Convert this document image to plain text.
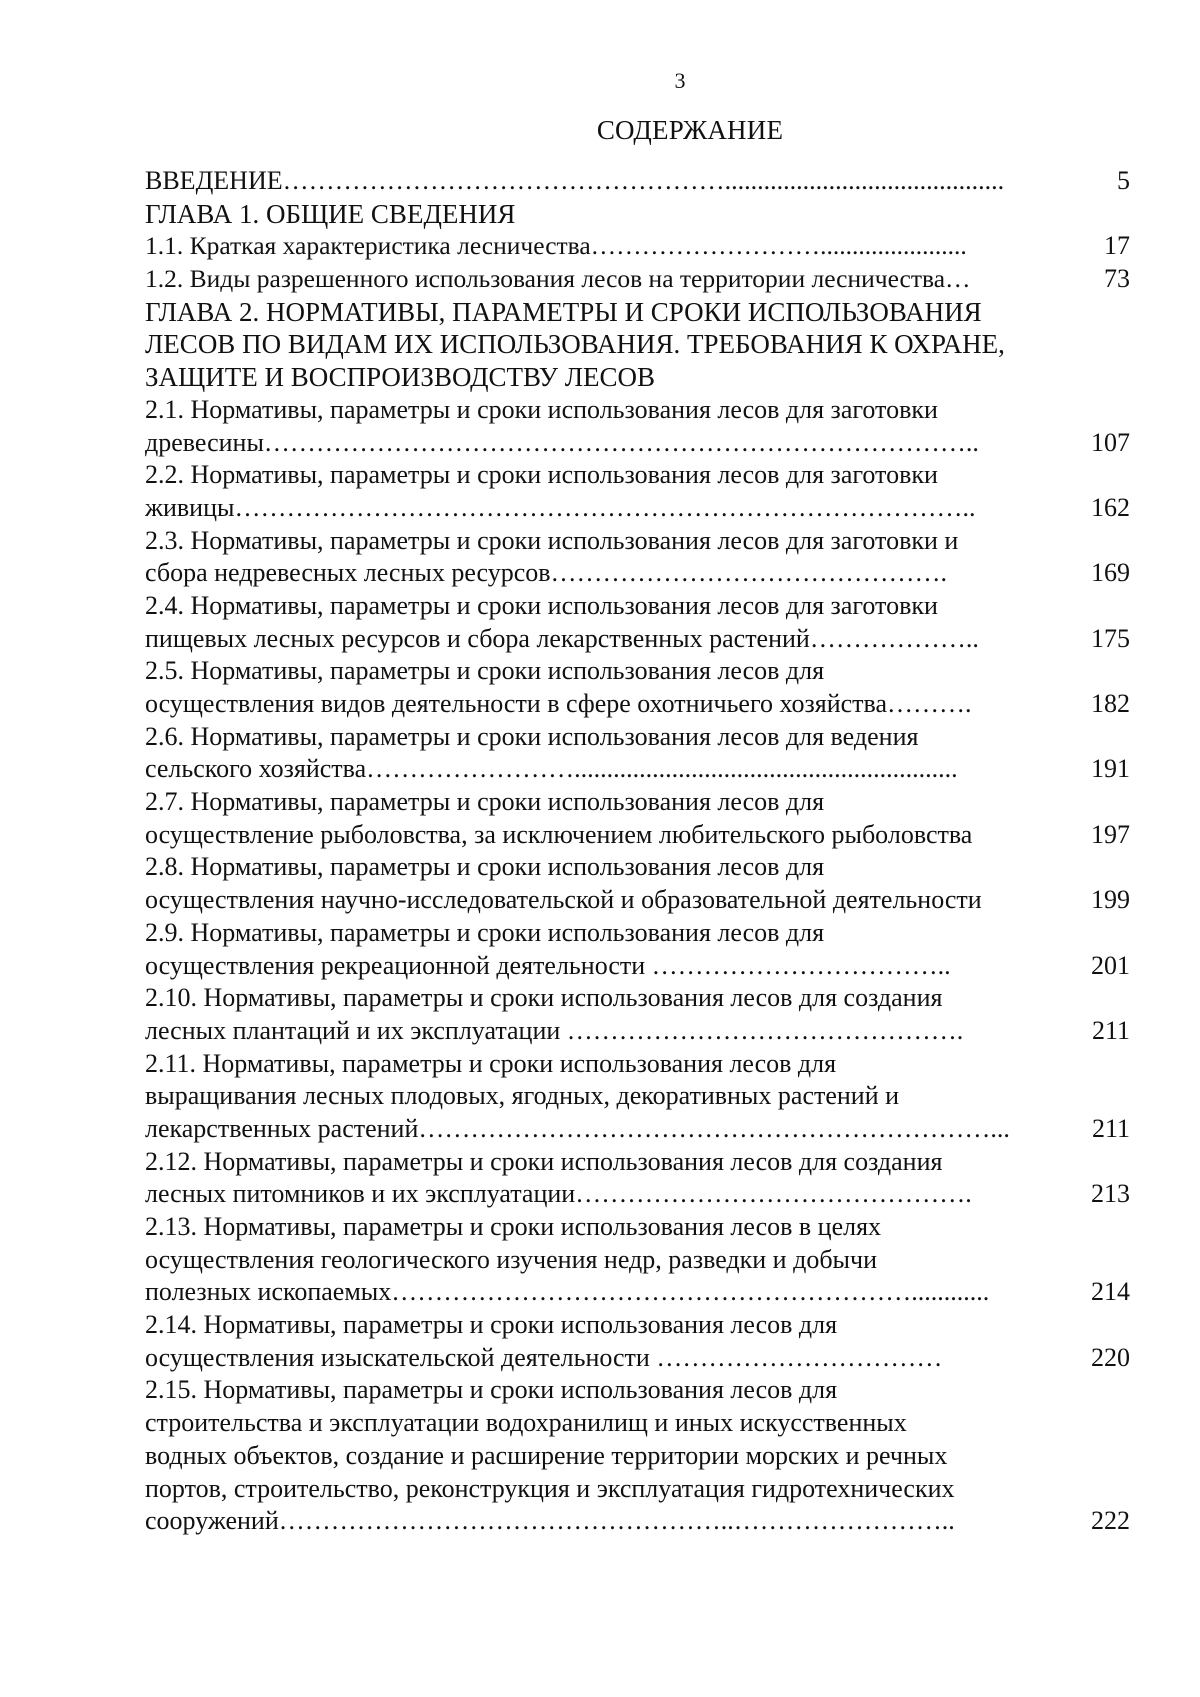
3
СОДЕРЖАНИЕ
ВВЕДЕНИЕ……………………………………………...........................................	5
ГЛАВА 1. ОБЩИЕ СВЕДЕНИЯ
1.1. Краткая характеристика лесничества……………………….......................	17
1.2. Виды разрешенного использования лесов на территории лесничества…	73
ГЛАВА 2. НОРМАТИВЫ, ПАРАМЕТРЫ И СРОКИ ИСПОЛЬЗОВАНИЯ
ЛЕСОВ ПО ВИДАМ ИХ ИСПОЛЬЗОВАНИЯ. ТРЕБОВАНИЯ К ОХРАНЕ,
ЗАЩИТЕ И ВОСПРОИЗВОДСТВУ ЛЕСОВ
2.1. Нормативы, параметры и сроки использования лесов для заготовки
древесины………………………………………………………………………..	107
2.2. Нормативы, параметры и сроки использования лесов для заготовки
живицы…………………………………………………………………………..	162
2.3. Нормативы, параметры и сроки использования лесов для заготовки и
сбора недревесных лесных ресурсов……………………………………….	169
2.4. Нормативы, параметры и сроки использования лесов для заготовки
пищевых лесных ресурсов и сбора лекарственных растений………………..	175
2.5. Нормативы, параметры и сроки использования лесов для
осуществления видов деятельности в сфере охотничьего хозяйства……….	182
2.6. Нормативы, параметры и сроки использования лесов для ведения
сельского хозяйства……………………...........................................................	191
2.7. Нормативы, параметры и сроки использования лесов для
осуществление рыболовства, за исключением любительского рыболовства	197
2.8. Нормативы, параметры и сроки использования лесов для
осуществления научно-исследовательской и образовательной деятельности	199
2.9. Нормативы, параметры и сроки использования лесов для
осуществления рекреационной деятельности ……………………………..	201
2.10. Нормативы, параметры и сроки использования лесов для создания
лесных плантаций и их эксплуатации ……………………………………….	211
2.11. Нормативы, параметры и сроки использования лесов для
выращивания лесных плодовых, ягодных, декоративных растений и
лекарственных растений…………………………………………………………...	211
2.12. Нормативы, параметры и сроки использования лесов для создания
лесных питомников и их эксплуатации……………………………………….	213
2.13. Нормативы, параметры и сроки использования лесов в целях
осуществления геологического изучения недр, разведки и добычи
полезных ископаемых……………………………………………………............	214
2.14. Нормативы, параметры и сроки использования лесов для
осуществления изыскательской деятельности ……………………………	220
2.15. Нормативы, параметры и сроки использования лесов для
строительства и эксплуатации водохранилищ и иных искусственных
водных объектов, создание и расширение территории морских и речных
портов, строительство, реконструкция и эксплуатация гидротехнических
сооружений……………………………………………..……………………..	222
